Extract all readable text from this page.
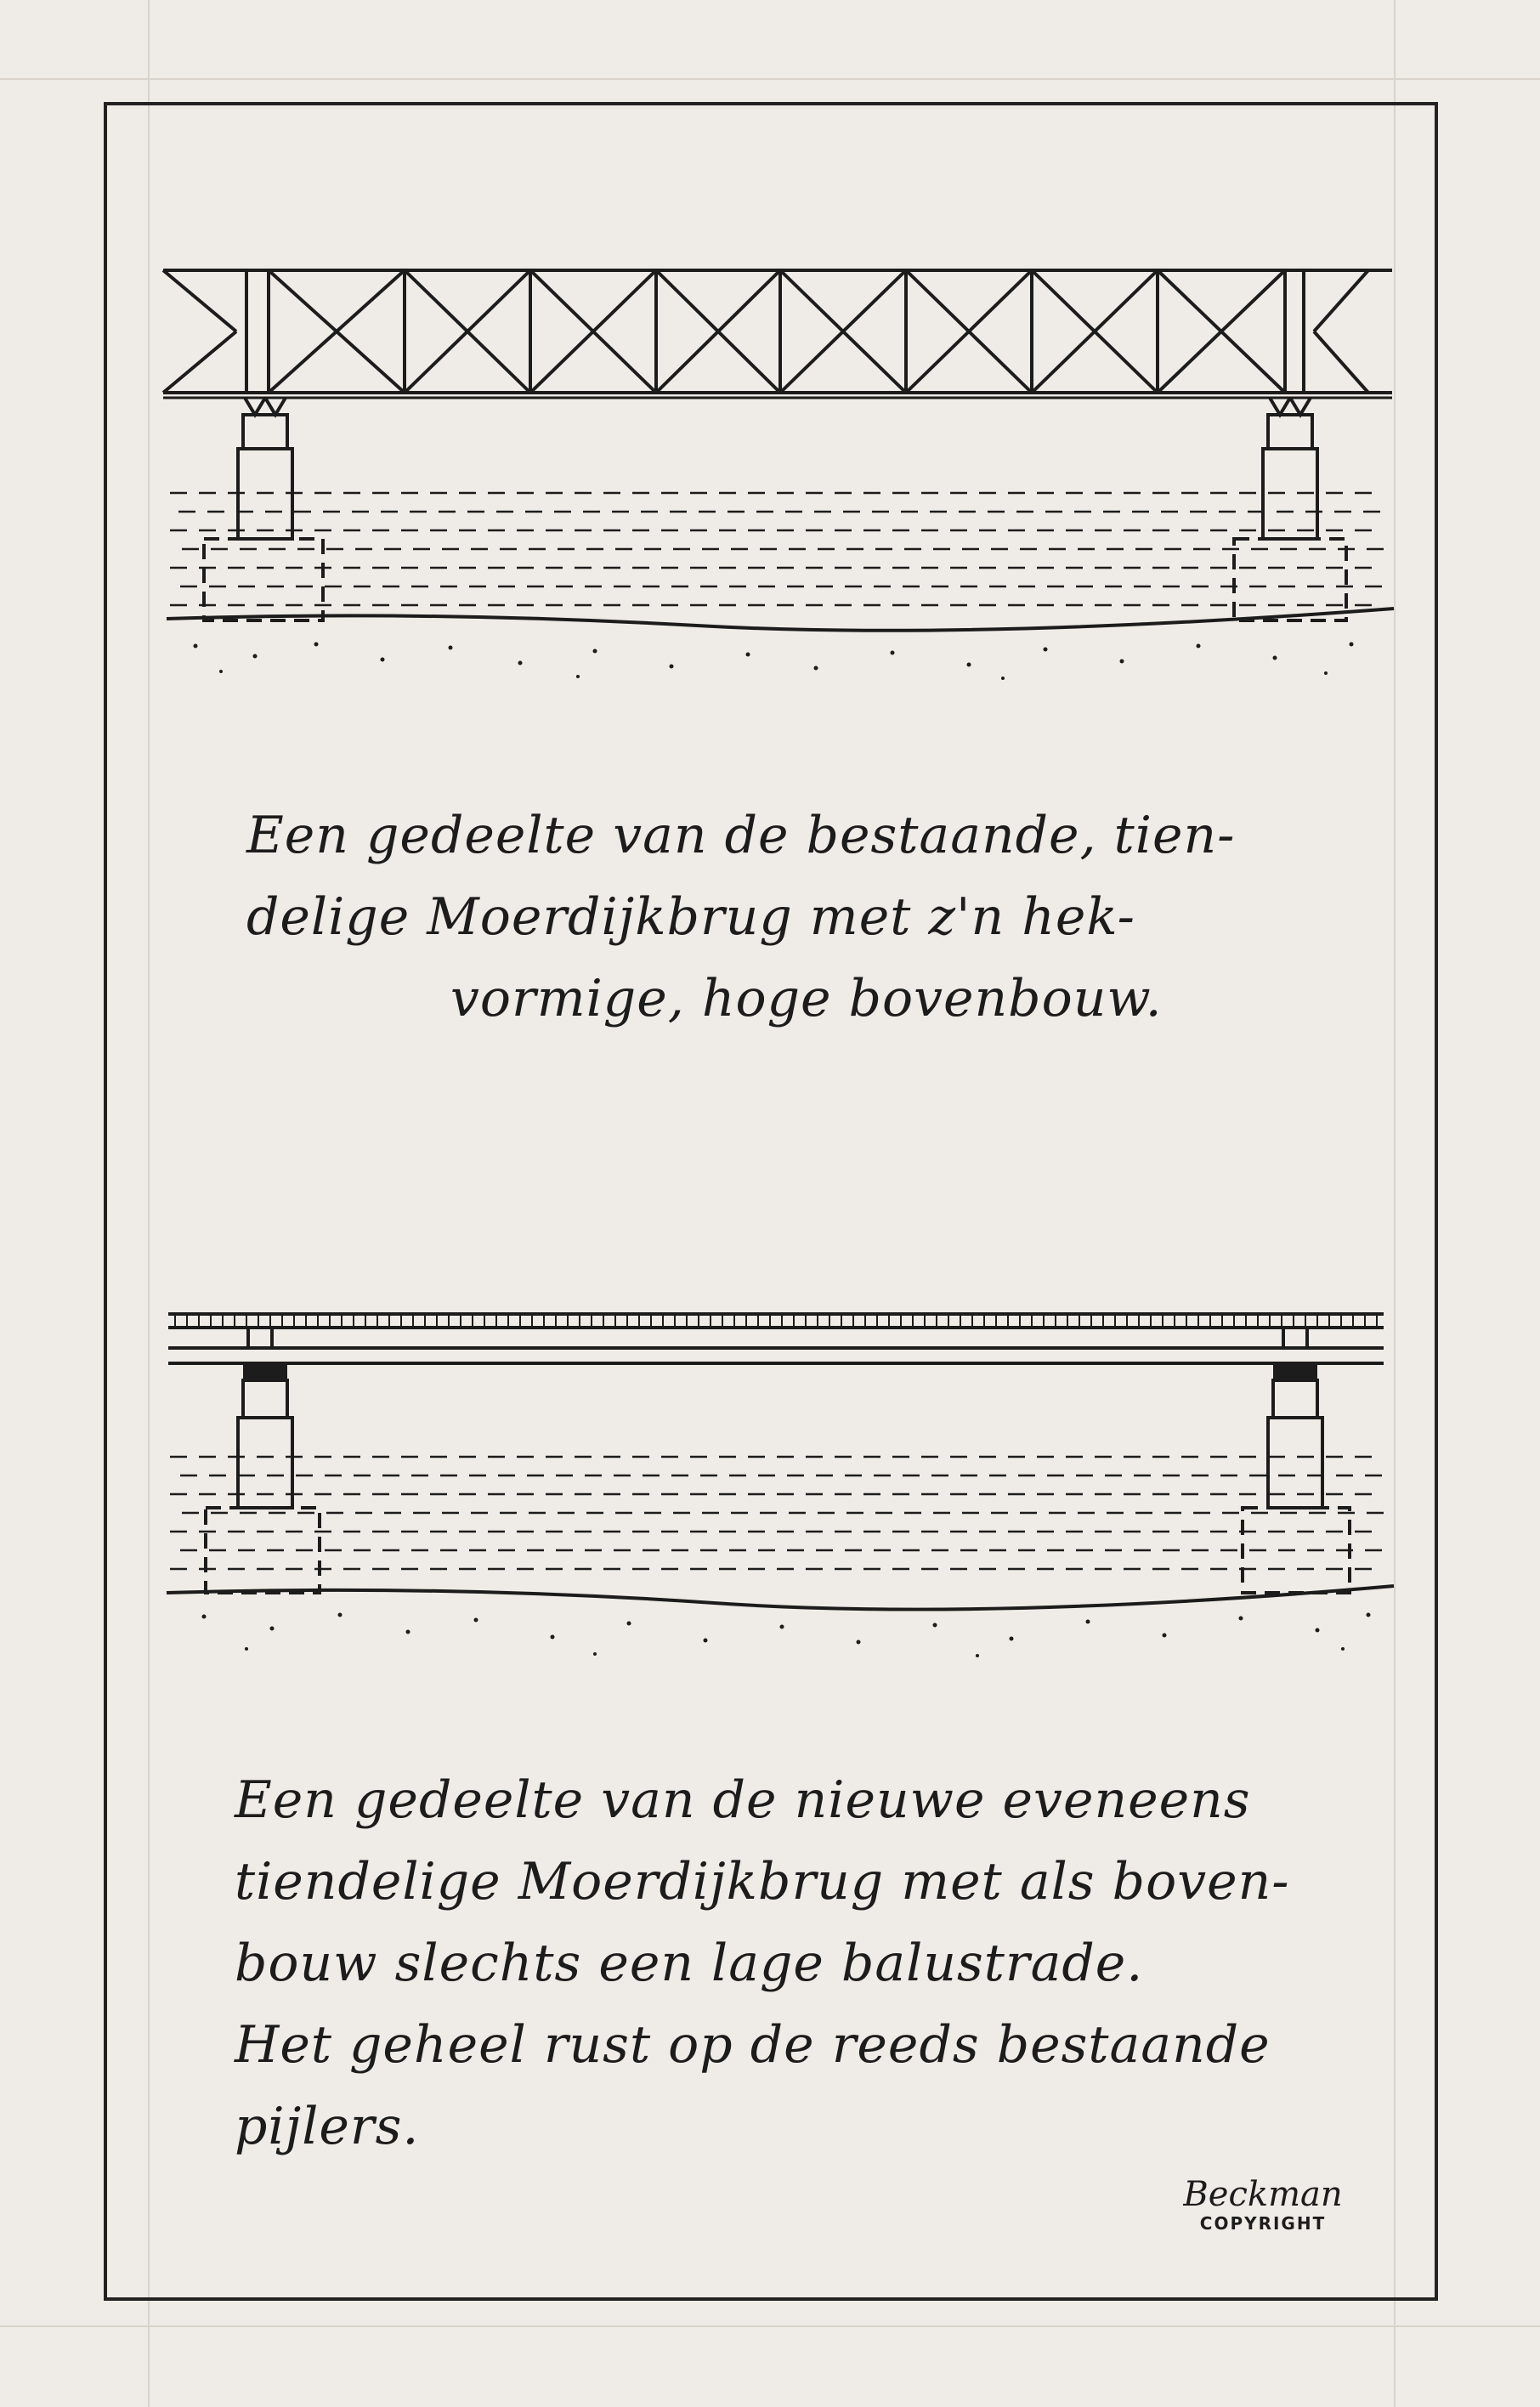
Een gedeelte van de bestaande, tien-
delige Moerdijkbrug met z'n hek-
vormige, hoge bovenbouw.

Een gedeelte van de nieuwe eveneens
tiendelige Moerdijkbrug met als boven-
bouw slechts een lage balustrade.
Het geheel rust op de reeds bestaande
pijlers.

Beckman
COPYRIGHT
